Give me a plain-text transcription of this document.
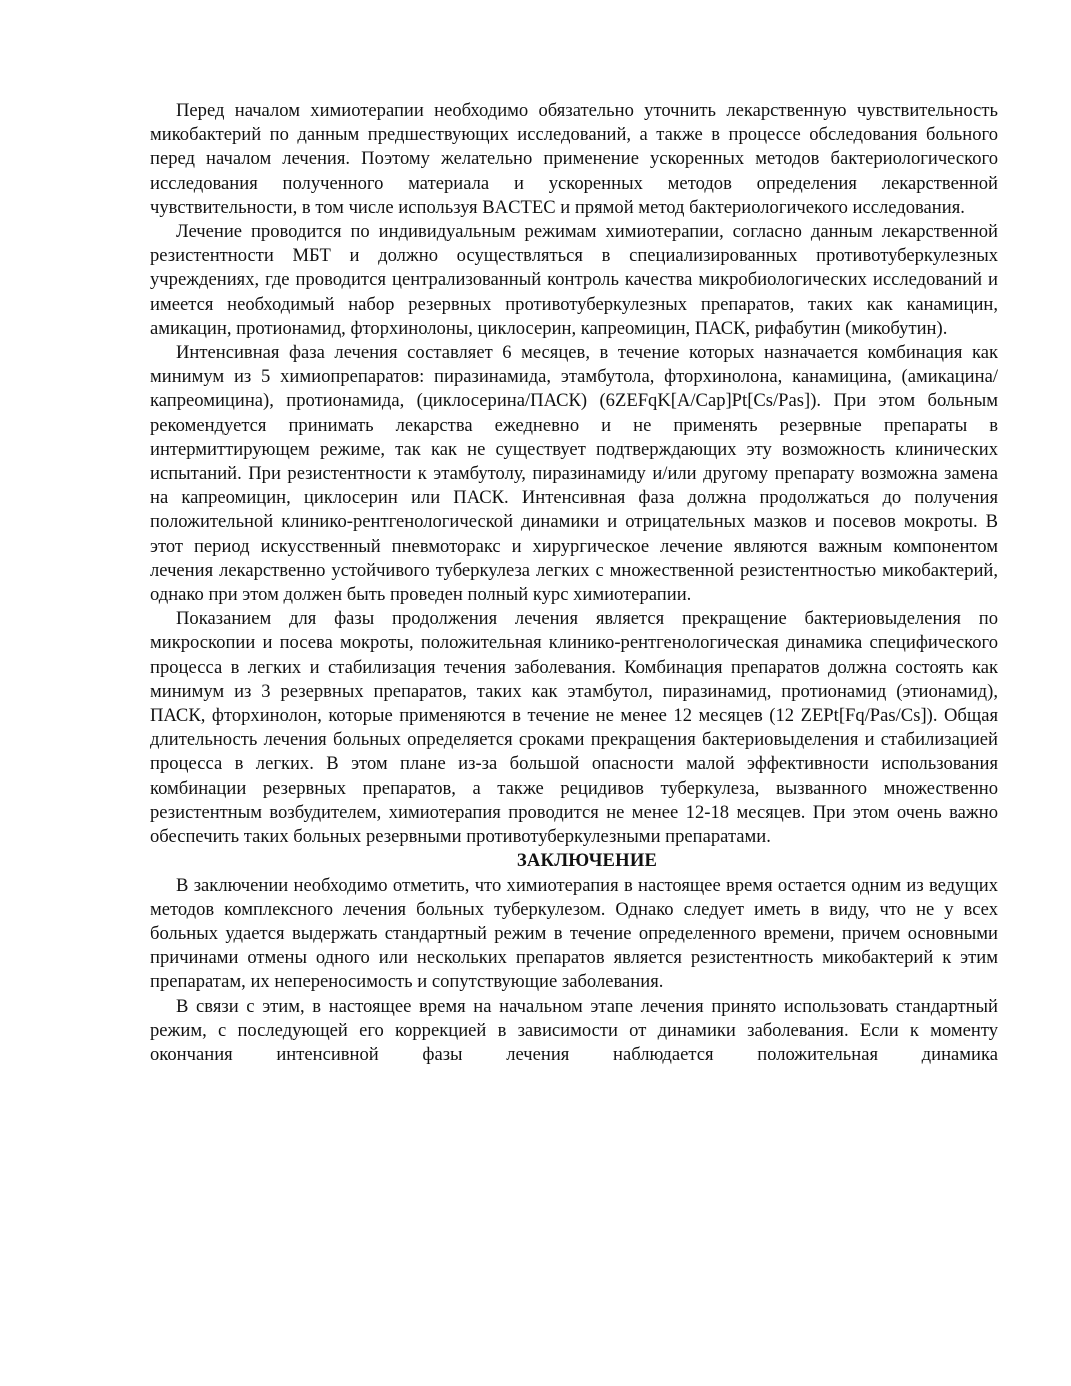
Перед началом химиотерапии необходимо обязательно уточнить лекарственную чувствительность микобактерий по данным предшествующих исследований, а также в процессе обследования больного перед началом лечения. Поэтому желательно применение ускоренных методов бактериологического исследования полученного материала и ускоренных методов определения лекарственной чувствительности, в том числе используя BACTEC и прямой метод бактериологичекого исследования.

Лечение проводится по индивидуальным режимам химиотерапии, согласно данным лекарственной резистентности МБТ и должно осуществляться в специализированных противотуберкулезных учреждениях, где проводится централизованный контроль качества микробиологических исследований и имеется необходимый набор резервных противотуберкулезных препаратов, таких как канамицин, амикацин, протионамид, фторхинолоны, циклосерин, капреомицин, ПАСК, рифабутин (микобутин).

Интенсивная фаза лечения составляет 6 месяцев, в течение которых назначается комбинация как минимум из 5 химиопрепаратов: пиразинамида, этамбутола, фторхинолона, канамицина, (амикацина/капреомицина), протионамида, (циклосерина/ПАСК) (6ZEFqK[A/Cap]Pt[Cs/Pas]). При этом больным рекомендуется принимать лекарства ежедневно и не применять резервные препараты в интермиттирующем режиме, так как не существует подтверждающих эту возможность клинических испытаний. При резистентности к этамбутолу, пиразинамиду и/или другому препарату возможна замена на капреомицин, циклосерин или ПАСК. Интенсивная фаза должна продолжаться до получения положительной клинико-рентгенологической динамики и отрицательных мазков и посевов мокроты. В этот период искусственный пневмоторакс и хирургическое лечение являются важным компонентом лечения лекарственно устойчивого туберкулеза легких с множественной резистентностью микобактерий, однако при этом должен быть проведен полный курс химиотерапии.

Показанием для фазы продолжения лечения является прекращение бактериовыделения по микроскопии и посева мокроты, положительная клинико-рентгенологическая динамика специфического процесса в легких и стабилизация течения заболевания. Комбинация препаратов должна состоять как минимум из 3 резервных препаратов, таких как этамбутол, пиразинамид, протионамид (этионамид), ПАСК, фторхинолон, которые применяются в течение не менее 12 месяцев (12 ZEPt[Fq/Pas/Cs]). Общая длительность лечения больных определяется сроками прекращения бактериовыделения и стабилизацией процесса в легких. В этом плане из-за большой опасности малой эффективности использования комбинации резервных препаратов, а также рецидивов туберкулеза, вызванного множественно резистентным возбудителем, химиотерапия проводится не менее 12-18 месяцев. При этом очень важно обеспечить таких больных резервными противотуберкулезными препаратами.

ЗАКЛЮЧЕНИЕ

В заключении необходимо отметить, что химиотерапия в настоящее время остается одним из ведущих методов комплексного лечения больных туберкулезом. Однако следует иметь в виду, что не у всех больных удается выдержать стандартный режим в течение определенного времени, причем основными причинами отмены одного или нескольких препаратов является резистентность микобактерий к этим препаратам, их непереносимость и сопутствующие заболевания.

В связи с этим, в настоящее время на начальном этапе лечения принято использовать стандартный режим, с последующей его коррекцией в зависимости от динамики заболевания. Если к моменту окончания интенсивной фазы лечения наблюдается положительная динамика
